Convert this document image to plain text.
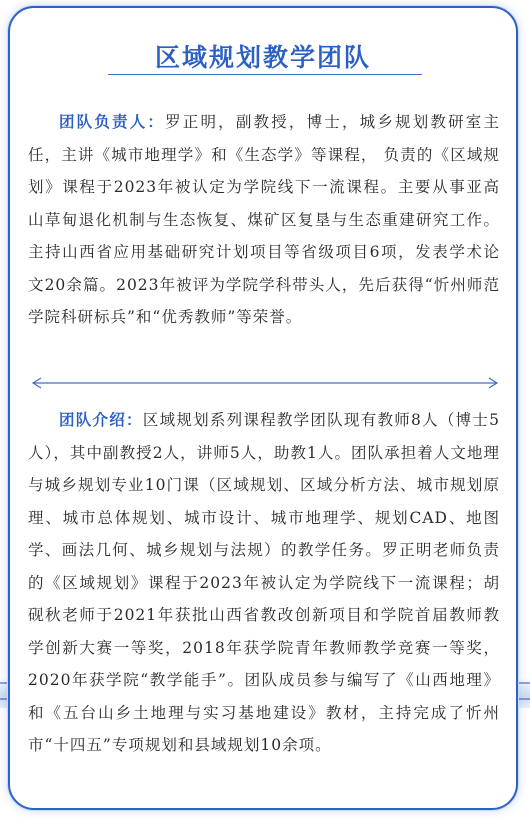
区域规划教学团队

团队负责人：罗正明，副教授，博士，城乡规划教研室主任，主讲《城市地理学》和《生态学》等课程， 负责的《区域规划》课程于2023年被认定为学院线下一流课程。主要从事亚高山草甸退化机制与生态恢复、煤矿区复垦与生态重建研究工作。主持山西省应用基础研究计划项目等省级项目6项，发表学术论文20余篇。2023年被评为学院学科带头人，先后获得“忻州师范学院科研标兵”和“优秀教师”等荣誉。

团队介绍：区域规划系列课程教学团队现有教师8人（博士5人），其中副教授2人，讲师5人，助教1人。团队承担着人文地理与城乡规划专业10门课（区域规划、区域分析方法、城市规划原理、城市总体规划、城市设计、城市地理学、规划CAD、地图学、画法几何、城乡规划与法规）的教学任务。罗正明老师负责的《区域规划》课程于2023年被认定为学院线下一流课程；胡砚秋老师于2021年获批山西省教改创新项目和学院首届教师教学创新大赛一等奖，2018年获学院青年教师教学竞赛一等奖，2020年获学院“教学能手”。团队成员参与编写了《山西地理》和《五台山乡土地理与实习基地建设》教材，主持完成了忻州市“十四五”专项规划和县域规划10余项。
